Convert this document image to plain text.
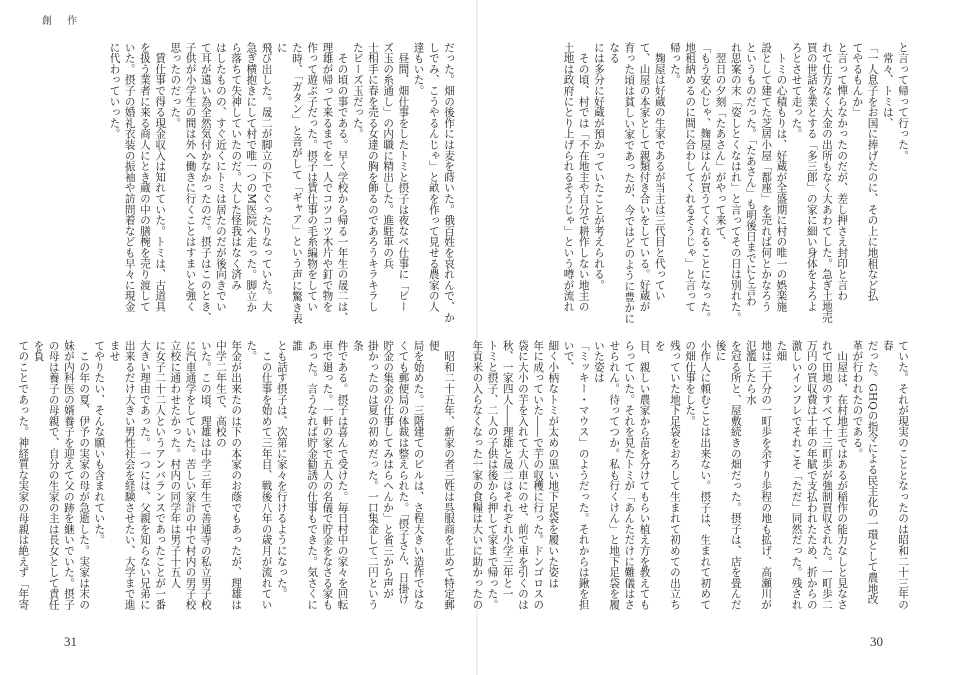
創 作

だった。畑の後作には麦を蒔いた。俄百姓を哀れんで、か

しでみ、こうやるんじゃ」と畝を作って見せる農家の人

達もいた。

　昼間、畑仕事をしたトミと摂子は夜なべ仕事に「ビー

ズ玉の糸通し」の内職に精出した。進駐軍の兵

士相手に春を売る女達の胸を飾るのであろうキラキラし

たビーズ玉だった。

　その頃の事である。早く学校から帰る一年生の晟二は、

理雄が帰って来るまでを一人でコツコツ木片や釘で物を

作って遊ぶ子だった。摂子は賃仕事の毛糸編物をしてい

た時、「ガタン」と音がして「ギャア」という声に驚き表に

飛び出した。晟二が脚立の下でぐったりなっていた。大

急ぎ横抱きにして村で唯一つのM医院へ走った。脚立か

ら落ちて失神していたのだ。大した怪我はなく済み

はしたものの、すぐ近くにトミは居たのだが後向きでい

て耳が遠い為全然気付かなかったのだ。摂子はこのとき、

子供が小学生の間は外へ働きに行くことはすまいと強く

思ったのだった。

　賃仕事で得る現金収入は知れていた。トミは、古道具

を扱う業者に来る商人にとき蔵の中の膳椀を売り渡して

いた。摂子の婚礼衣装の振袖や訪問着なども早々に現金

に代わっていった。

　昭和二十五年、新家の者三姓は呉服商を止めて特定郵便

局を始めた。三階建てのビルは、さ程大きい造作ではな

くても郵便局の体裁は整えられた。「摂子さん、日掛け

貯金の集金の仕事してみはらへんか」と省三から声が

掛かったのは夏の初めだった。一口集金して二円という条

件である。摂子は喜んで受けた。毎日村中の家々を回転

車で廻った。一軒の家で五人の名儀で貯金をなさる家も

あった。言うなれば貯金勧誘の仕事もできた。気さくに誰

とも話す摂子は、次第に家々を行けるようになった。

　この仕事を始めて三年目、戦後八年の歳月が流れていた。

年金が出来たのは下の本家のお蔭でもあったが、理雄は中学二年生で、高校の

いた。この頃、理雄は中学三年生で善通寺の私立男子校

に汽車通学をしていた。苦しい家計の中で村内の男子校

立校に通わせたかった。村内の同学年は男子十五人

に女子二十二人というアンバランスであったことが一番

大きい理由であった。一つには、父親を知らない兄弟に

出来るだけ大きい男性社会を経験させたい、大学まで進ませ

てやりたい、そんな願いも含まれていた。

　この年の夏、伊予の実家の母が急逝した。実家は末の

妹が内科医の婿養子を迎えて父の跡を継いでいた。摂子

の母は養子の母親で、自分の生家の主は長女として責任を負

てのことであった。神経質な実家の母親は絶えず「年寄

31

と言って帰って行った。

　常々、トミは、

「一人息子をお国に捧げたのに、その上に地租など払

てやるもんか」

と言って憚らなかったのだが、差し押さえ封印と言わ

れて仕方なく大金の出所もなく大あわてした。急ぎ土地売

買の世話を業とする「多三郎」の家に細い身体をよろよ

ろとさせて走った。

　トミの心積もりは、好蔵が全盛期に村の唯一の娯楽施

設として建てた芝居小屋「都座」を売れば何とかなろう

というものだった。「たあさん」も明後日までにと言わ

れ思案の末「姿しとくなはれ」と言ってその日は別れた。

　翌日の夕刻「たあさん」がやって来て、

「もう安心じゃ、麹屋はんが買うてくれることになった。

地租納めるのに間に合わしてくれるそうじゃ」と言って

帰った。

　麹屋は好蔵の生家であるが当主は三代目と代ってい

て、山屋の本家として親類付き合いをしている。好蔵が

育った頃は貧しい家であったが、今ではどのように豊かになる

には多分に好蔵が預かっていたことが考えられる。

　その頃、村では「不在地主や自分で耕作しない地主の

土地は政府にとり上げられるそうじゃ」という噂が流れ

ていた。それが現実のこととなったのは昭和二十三年の春

だった。GHQの指令による民主化の一環として農地改

革が行われたのである。

　山屋は、在村地主ではあるが稲作の能力なしと見なさ

れて田地のすべて十三町歩が強制買収された。一町歩二

万円の買収費は十年の年賦で支払われたため、折からの

激しいインフレでそれこそ「ただ」同然だった。残された畑

地は三十分の一町歩を余すり歩程の地も拡げ、高瀬川が氾濫したら水

を冠る所と、屋敷続きの畑だった。摂子は、店を畳んだ後に

小作人に頼むことは出来ない。摂子は、生まれて初めての畑仕事をした。

残っていた地下足袋をおろして生まれて初めての出立ちを

目、親しい農家から苗を分けてもらい植え方を教えても

らっていた。それを見たトミが「あんただけに難儀はさ

せられん。待ってつか。私も行くけん」と地下足袋を履いた姿は

「ミッキー・マウス」のようだった。それからは鍬を担いで、

細く小柄なトミが太めの黒い地下足袋を履いた姿は

年に成っていた――で芋の収穫に行った。ドンゴロスの

袋に大小の芋を入れて大八車にのせ、前で車を引くのは

秋、一家四人――理雄と晟二はそれぞれ小学三年と一

トミと摂子、二人の子供は後から押して家まで帰った。

年貢米の入らなくなった一家の食糧は大いに助かったの

30
